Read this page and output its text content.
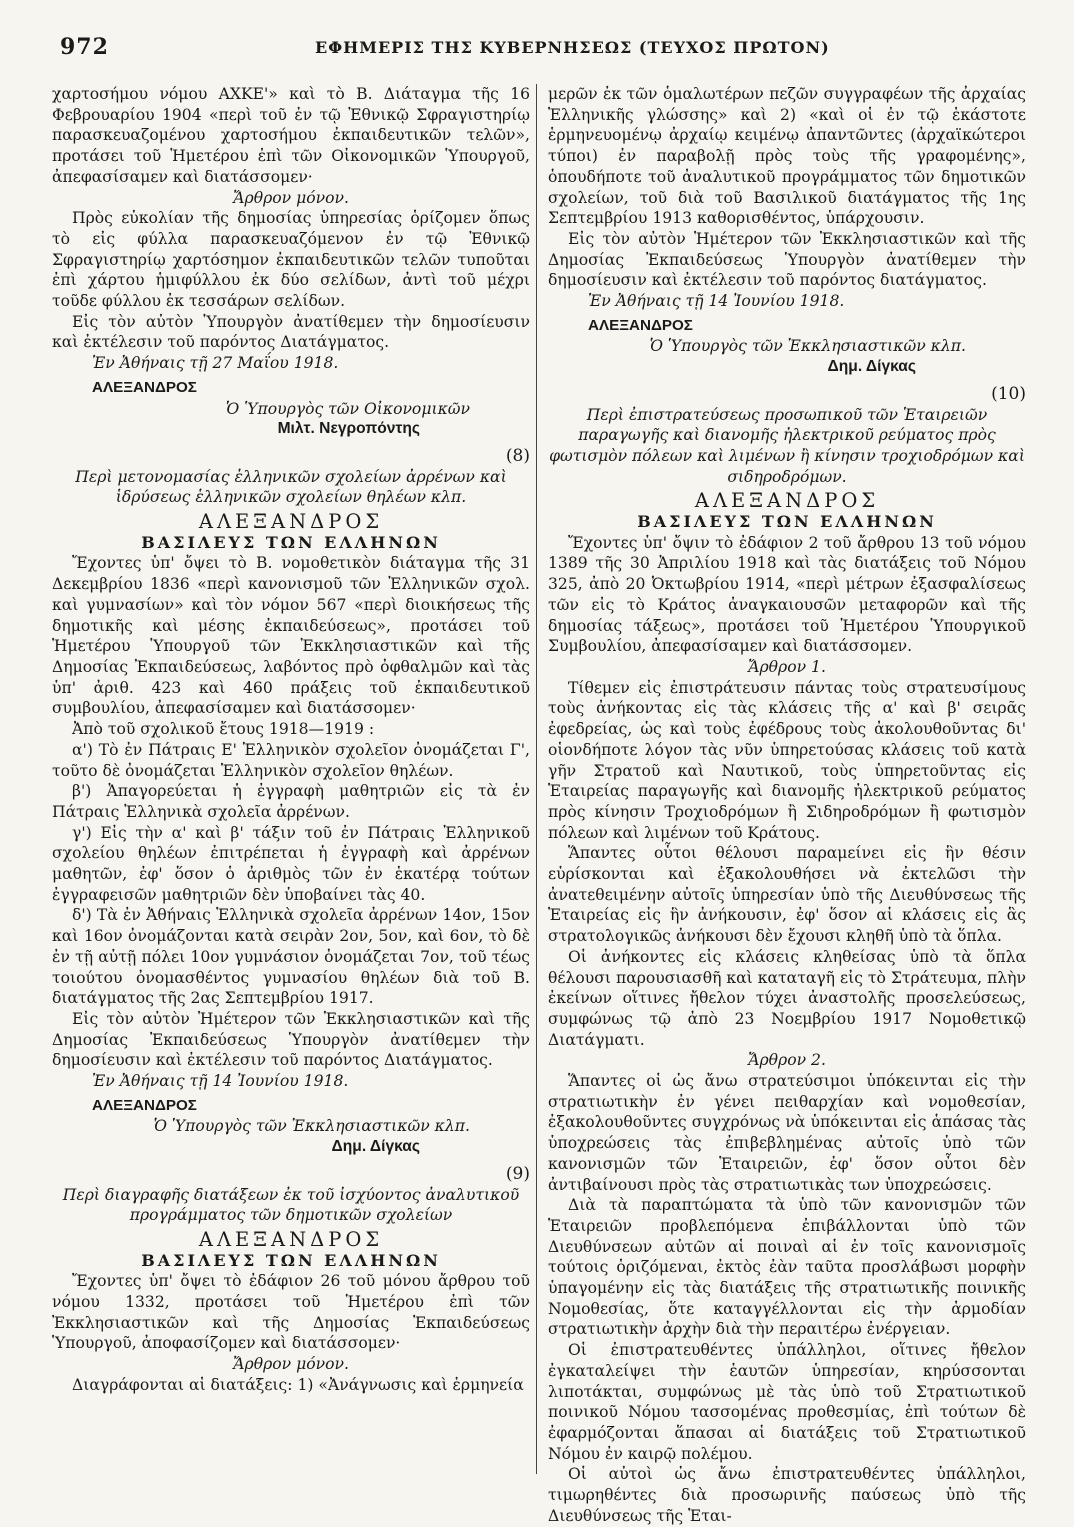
972	ΕΦΗΜΕΡΙΣ ΤΗΣ ΚΥΒΕΡΝΗΣΕΩΣ (ΤΕΥΧΟΣ ΠΡΩΤΟΝ)

χαρτοσήμου νόμου ΑΧΚΕ'» καὶ τὸ Β. Διάταγμα τῆς 16 Φεβρουαρίου 1904 «περὶ τοῦ ἐν τῷ Ἐθνικῷ Σφραγιστηρίῳ παρασκευαζομένου χαρτοσήμου ἐκπαιδευτικῶν τελῶν», προτάσει τοῦ Ἡμετέρου ἐπὶ τῶν Οἰκονομικῶν Ὑπουργοῦ, ἀπεφασίσαμεν καὶ διατάσσομεν·

Ἄρθρον μόνον.

Πρὸς εὐκολίαν τῆς δημοσίας ὑπηρεσίας ὁρίζομεν ὅπως τὸ εἰς φύλλα παρασκευαζόμενον ἐν τῷ Ἐθνικῷ Σφραγιστηρίῳ χαρτόσημον ἐκπαιδευτικῶν τελῶν τυποῦται ἐπὶ χάρτου ἡμιφύλλου ἐκ δύο σελίδων, ἀντὶ τοῦ μέχρι τοῦδε φύλλου ἐκ τεσσάρων σελίδων.

Εἰς τὸν αὐτὸν Ὑπουργὸν ἀνατίθεμεν τὴν δημοσίευσιν καὶ ἐκτέλεσιν τοῦ παρόντος Διατάγματος.

Ἐν Ἀθήναις τῇ 27 Μαΐου 1918.

ΑΛΕΞΑΝΔΡΟΣ

Ὁ Ὑπουργὸς τῶν Οἰκονομικῶν

Μιλτ. Νεγροπόντης

(8)

Περὶ μετονομασίας ἑλληνικῶν σχολείων ἀρρένων καὶ ἱδρύσεως ἑλληνικῶν σχολείων θηλέων κλπ.

ΑΛΕΞΑΝΔΡΟΣ

ΒΑΣΙΛΕΥΣ ΤΩΝ ΕΛΛΗΝΩΝ

Ἔχοντες ὑπ' ὄψει τὸ Β. νομοθετικὸν διάταγμα τῆς 31 Δεκεμβρίου 1836 «περὶ κανονισμοῦ τῶν Ἑλληνικῶν σχολ. καὶ γυμνασίων» καὶ τὸν νόμον 567 «περὶ διοικήσεως τῆς δημοτικῆς καὶ μέσης ἐκπαιδεύσεως», προτάσει τοῦ Ἡμετέρου Ὑπουργοῦ τῶν Ἐκκλησιαστικῶν καὶ τῆς Δημοσίας Ἐκπαιδεύσεως, λαβόντος πρὸ ὀφθαλμῶν καὶ τὰς ὑπ' ἀριθ. 423 καὶ 460 πράξεις τοῦ ἐκπαιδευτικοῦ συμβουλίου, ἀπεφασίσαμεν καὶ διατάσσομεν·

Ἀπὸ τοῦ σχολικοῦ ἔτους 1918—1919 :

α') Τὸ ἐν Πάτραις Ε' Ἑλληνικὸν σχολεῖον ὀνομάζεται Γ', τοῦτο δὲ ὀνομάζεται Ἑλληνικὸν σχολεῖον θηλέων.

β') Ἀπαγορεύεται ἡ ἐγγραφὴ μαθητριῶν εἰς τὰ ἐν Πάτραις Ἑλληνικὰ σχολεῖα ἀρρένων.

γ') Εἰς τὴν α' καὶ β' τάξιν τοῦ ἐν Πάτραις Ἑλληνικοῦ σχολείου θηλέων ἐπιτρέπεται ἡ ἐγγραφὴ καὶ ἀρρένων μαθητῶν, ἐφ' ὅσον ὁ ἀριθμὸς τῶν ἐν ἑκατέρᾳ τούτων ἐγγραφεισῶν μαθητριῶν δὲν ὑποβαίνει τὰς 40.

δ') Τὰ ἐν Ἀθήναις Ἑλληνικὰ σχολεῖα ἀρρένων 14ον, 15ον καὶ 16ον ὀνομάζονται κατὰ σειρὰν 2ον, 5ον, καὶ 6ον, τὸ δὲ ἐν τῇ αὐτῇ πόλει 10ον γυμνάσιον ὀνομάζεται 7ον, τοῦ τέως τοιούτου ὀνομασθέντος γυμνασίου θηλέων διὰ τοῦ Β. διατάγματος τῆς 2ας Σεπτεμβρίου 1917.

Εἰς τὸν αὐτὸν Ἡμέτερον τῶν Ἐκκλησιαστικῶν καὶ τῆς Δημοσίας Ἐκπαιδεύσεως Ὑπουργὸν ἀνατίθεμεν τὴν δημοσίευσιν καὶ ἐκτέλεσιν τοῦ παρόντος Διατάγματος.

Ἐν Ἀθήναις τῇ 14 Ἰουνίου 1918.

ΑΛΕΞΑΝΔΡΟΣ

Ὁ Ὑπουργὸς τῶν Ἐκκλησιαστικῶν κλπ.

Δημ. Δίγκας

(9)

Περὶ διαγραφῆς διατάξεων ἐκ τοῦ ἰσχύοντος ἀναλυτικοῦ προγράμματος τῶν δημοτικῶν σχολείων

ΑΛΕΞΑΝΔΡΟΣ

ΒΑΣΙΛΕΥΣ ΤΩΝ ΕΛΛΗΝΩΝ

Ἔχοντες ὑπ' ὄψει τὸ ἐδάφιον 26 τοῦ μόνου ἄρθρου τοῦ νόμου 1332, προτάσει τοῦ Ἡμετέρου ἐπὶ τῶν Ἐκκλησιαστικῶν καὶ τῆς Δημοσίας Ἐκπαιδεύσεως Ὑπουργοῦ, ἀποφασίζομεν καὶ διατάσσομεν·

Ἄρθρον μόνον.

Διαγράφονται αἱ διατάξεις: 1) «Ἀνάγνωσις καὶ ἑρμηνεία

μερῶν ἐκ τῶν ὁμαλωτέρων πεζῶν συγγραφέων τῆς ἀρχαίας Ἑλληνικῆς γλώσσης» καὶ 2) «καὶ οἱ ἐν τῷ ἑκάστοτε ἑρμηνευομένῳ ἀρχαίῳ κειμένῳ ἀπαντῶντες (ἀρχαϊκώτεροι τύποι) ἐν παραβολῇ πρὸς τοὺς τῆς γραφομένης», ὁπουδήποτε τοῦ ἀναλυτικοῦ προγράμματος τῶν δημοτικῶν σχολείων, τοῦ διὰ τοῦ Βασιλικοῦ διατάγματος τῆς 1ης Σεπτεμβρίου 1913 καθορισθέντος, ὑπάρχουσιν.

Εἰς τὸν αὐτὸν Ἡμέτερον τῶν Ἐκκλησιαστικῶν καὶ τῆς Δημοσίας Ἐκπαιδεύσεως Ὑπουργὸν ἀνατίθεμεν τὴν δημοσίευσιν καὶ ἐκτέλεσιν τοῦ παρόντος διατάγματος.

Ἐν Ἀθήναις τῇ 14 Ἰουνίου 1918.

ΑΛΕΞΑΝΔΡΟΣ

Ὁ Ὑπουργὸς τῶν Ἐκκλησιαστικῶν κλπ.

Δημ. Δίγκας

(10)

Περὶ ἐπιστρατεύσεως προσωπικοῦ τῶν Ἑταιρειῶν παραγωγῆς καὶ διανομῆς ἠλεκτρικοῦ ρεύματος πρὸς φωτισμὸν πόλεων καὶ λιμένων ἢ κίνησιν τροχιοδρόμων καὶ σιδηροδρόμων.

ΑΛΕΞΑΝΔΡΟΣ

ΒΑΣΙΛΕΥΣ ΤΩΝ ΕΛΛΗΝΩΝ

Ἔχοντες ὑπ' ὄψιν τὸ ἐδάφιον 2 τοῦ ἄρθρου 13 τοῦ νόμου 1389 τῆς 30 Ἀπριλίου 1918 καὶ τὰς διατάξεις τοῦ Νόμου 325, ἀπὸ 20 Ὀκτωβρίου 1914, «περὶ μέτρων ἐξασφαλίσεως τῶν εἰς τὸ Κράτος ἀναγκαιουσῶν μεταφορῶν καὶ τῆς δημοσίας τάξεως», προτάσει τοῦ Ἡμετέρου Ὑπουργικοῦ Συμβουλίου, ἀπεφασίσαμεν καὶ διατάσσομεν.

Ἄρθρον 1.

Τίθεμεν εἰς ἐπιστράτευσιν πάντας τοὺς στρατευσίμους τοὺς ἀνήκοντας εἰς τὰς κλάσεις τῆς α' καὶ β' σειρᾶς ἐφεδρείας, ὡς καὶ τοὺς ἐφέδρους τοὺς ἀκολουθοῦντας δι' οἱονδήποτε λόγον τὰς νῦν ὑπηρετούσας κλάσεις τοῦ κατὰ γῆν Στρατοῦ καὶ Ναυτικοῦ, τοὺς ὑπηρετοῦντας εἰς Ἑταιρείας παραγωγῆς καὶ διανομῆς ἠλεκτρικοῦ ρεύματος πρὸς κίνησιν Τροχιοδρόμων ἢ Σιδηροδρόμων ἢ φωτισμὸν πόλεων καὶ λιμένων τοῦ Κράτους.

Ἅπαντες οὗτοι θέλουσι παραμείνει εἰς ἣν θέσιν εὑρίσκονται καὶ ἐξακολουθήσει νὰ ἐκτελῶσι τὴν ἀνατεθειμένην αὐτοῖς ὑπηρεσίαν ὑπὸ τῆς Διευθύνσεως τῆς Ἑταιρείας εἰς ἣν ἀνήκουσιν, ἐφ' ὅσον αἱ κλάσεις εἰς ἃς στρατολογικῶς ἀνήκουσι δὲν ἔχουσι κληθῆ ὑπὸ τὰ ὅπλα.

Οἱ ἀνήκοντες εἰς κλάσεις κληθείσας ὑπὸ τὰ ὅπλα θέλουσι παρουσιασθῆ καὶ καταταγῆ εἰς τὸ Στράτευμα, πλὴν ἐκείνων οἵτινες ἤθελον τύχει ἀναστολῆς προσελεύσεως, συμφώνως τῷ ἀπὸ 23 Νοεμβρίου 1917 Νομοθετικῷ Διατάγματι.

Ἄρθρον 2.

Ἅπαντες οἱ ὡς ἄνω στρατεύσιμοι ὑπόκεινται εἰς τὴν στρατιωτικὴν ἐν γένει πειθαρχίαν καὶ νομοθεσίαν, ἐξακολουθοῦντες συγχρόνως νὰ ὑπόκεινται εἰς ἁπάσας τὰς ὑποχρεώσεις τὰς ἐπιβεβλημένας αὐτοῖς ὑπὸ τῶν κανονισμῶν τῶν Ἑταιρειῶν, ἐφ' ὅσον οὗτοι δὲν ἀντιβαίνουσι πρὸς τὰς στρατιωτικὰς των ὑποχρεώσεις.

Διὰ τὰ παραπτώματα τὰ ὑπὸ τῶν κανονισμῶν τῶν Ἑταιρειῶν προβλεπόμενα ἐπιβάλλονται ὑπὸ τῶν Διευθύνσεων αὐτῶν αἱ ποιναὶ αἱ ἐν τοῖς κανονισμοῖς τούτοις ὁριζόμεναι, ἐκτὸς ἐὰν ταῦτα προσλάβωσι μορφὴν ὑπαγομένην εἰς τὰς διατάξεις τῆς στρατιωτικῆς ποινικῆς Νομοθεσίας, ὅτε καταγγέλλονται εἰς τὴν ἁρμοδίαν στρατιωτικὴν ἀρχὴν διὰ τὴν περαιτέρω ἐνέργειαν.

Οἱ ἐπιστρατευθέντες ὑπάλληλοι, οἵτινες ἤθελον ἐγκαταλείψει τὴν ἑαυτῶν ὑπηρεσίαν, κηρύσσονται λιποτάκται, συμφώνως μὲ τὰς ὑπὸ τοῦ Στρατιωτικοῦ ποινικοῦ Νόμου τασσομένας προθεσμίας, ἐπὶ τούτων δὲ ἐφαρμόζονται ἅπασαι αἱ διατάξεις τοῦ Στρατιωτικοῦ Νόμου ἐν καιρῷ πολέμου.

Οἱ αὐτοὶ ὡς ἄνω ἐπιστρατευθέντες ὑπάλληλοι, τιμωρηθέντες διὰ προσωρινῆς παύσεως ὑπὸ τῆς Διευθύνσεως τῆς Ἑται-
